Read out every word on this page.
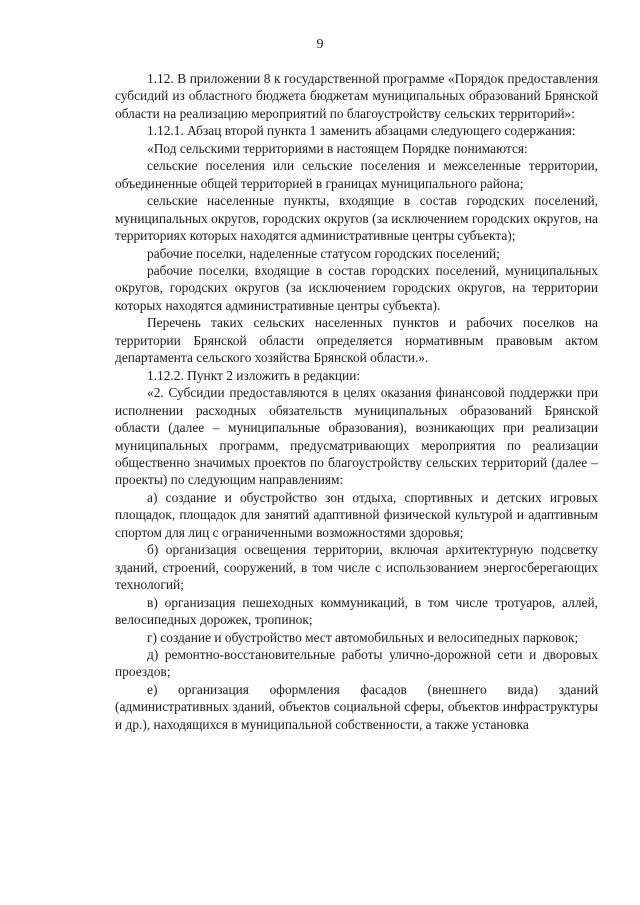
9

1.12. В приложении 8 к государственной программе «Порядок предоставления субсидий из областного бюджета бюджетам муниципальных образований Брянской области на реализацию мероприятий по благоустройству сельских территорий»:

1.12.1. Абзац второй пункта 1 заменить абзацами следующего содержания:

«Под сельскими территориями в настоящем Порядке понимаются:

сельские поселения или сельские поселения и межселенные территории, объединенные общей территорией в границах муниципального района;

сельские населенные пункты, входящие в состав городских поселений, муниципальных округов, городских округов (за исключением городских округов, на территориях которых находятся административные центры субъекта);

рабочие поселки, наделенные статусом городских поселений;

рабочие поселки, входящие в состав городских поселений, муниципальных округов, городских округов (за исключением городских округов, на территории которых находятся административные центры субъекта).

Перечень таких сельских населенных пунктов и рабочих поселков на территории Брянской области определяется нормативным правовым актом департамента сельского хозяйства Брянской области.».

1.12.2. Пункт 2 изложить в редакции:

«2. Субсидии предоставляются в целях оказания финансовой поддержки при исполнении расходных обязательств муниципальных образований Брянской области (далее – муниципальные образования), возникающих при реализации муниципальных программ, предусматривающих мероприятия по реализации общественно значимых проектов по благоустройству сельских территорий (далее – проекты) по следующим направлениям:

а) создание и обустройство зон отдыха, спортивных и детских игровых площадок, площадок для занятий адаптивной физической культурой и адаптивным спортом для лиц с ограниченными возможностями здоровья;

б) организация освещения территории, включая архитектурную подсветку зданий, строений, сооружений, в том числе с использованием энергосберегающих технологий;

в) организация пешеходных коммуникаций, в том числе тротуаров, аллей, велосипедных дорожек, тропинок;

г) создание и обустройство мест автомобильных и велосипедных парковок;

д) ремонтно-восстановительные работы улично-дорожной сети и дворовых проездов;

е) организация оформления фасадов (внешнего вида) зданий (административных зданий, объектов социальной сферы, объектов инфраструктуры и др.), находящихся в муниципальной собственности, а также установка
